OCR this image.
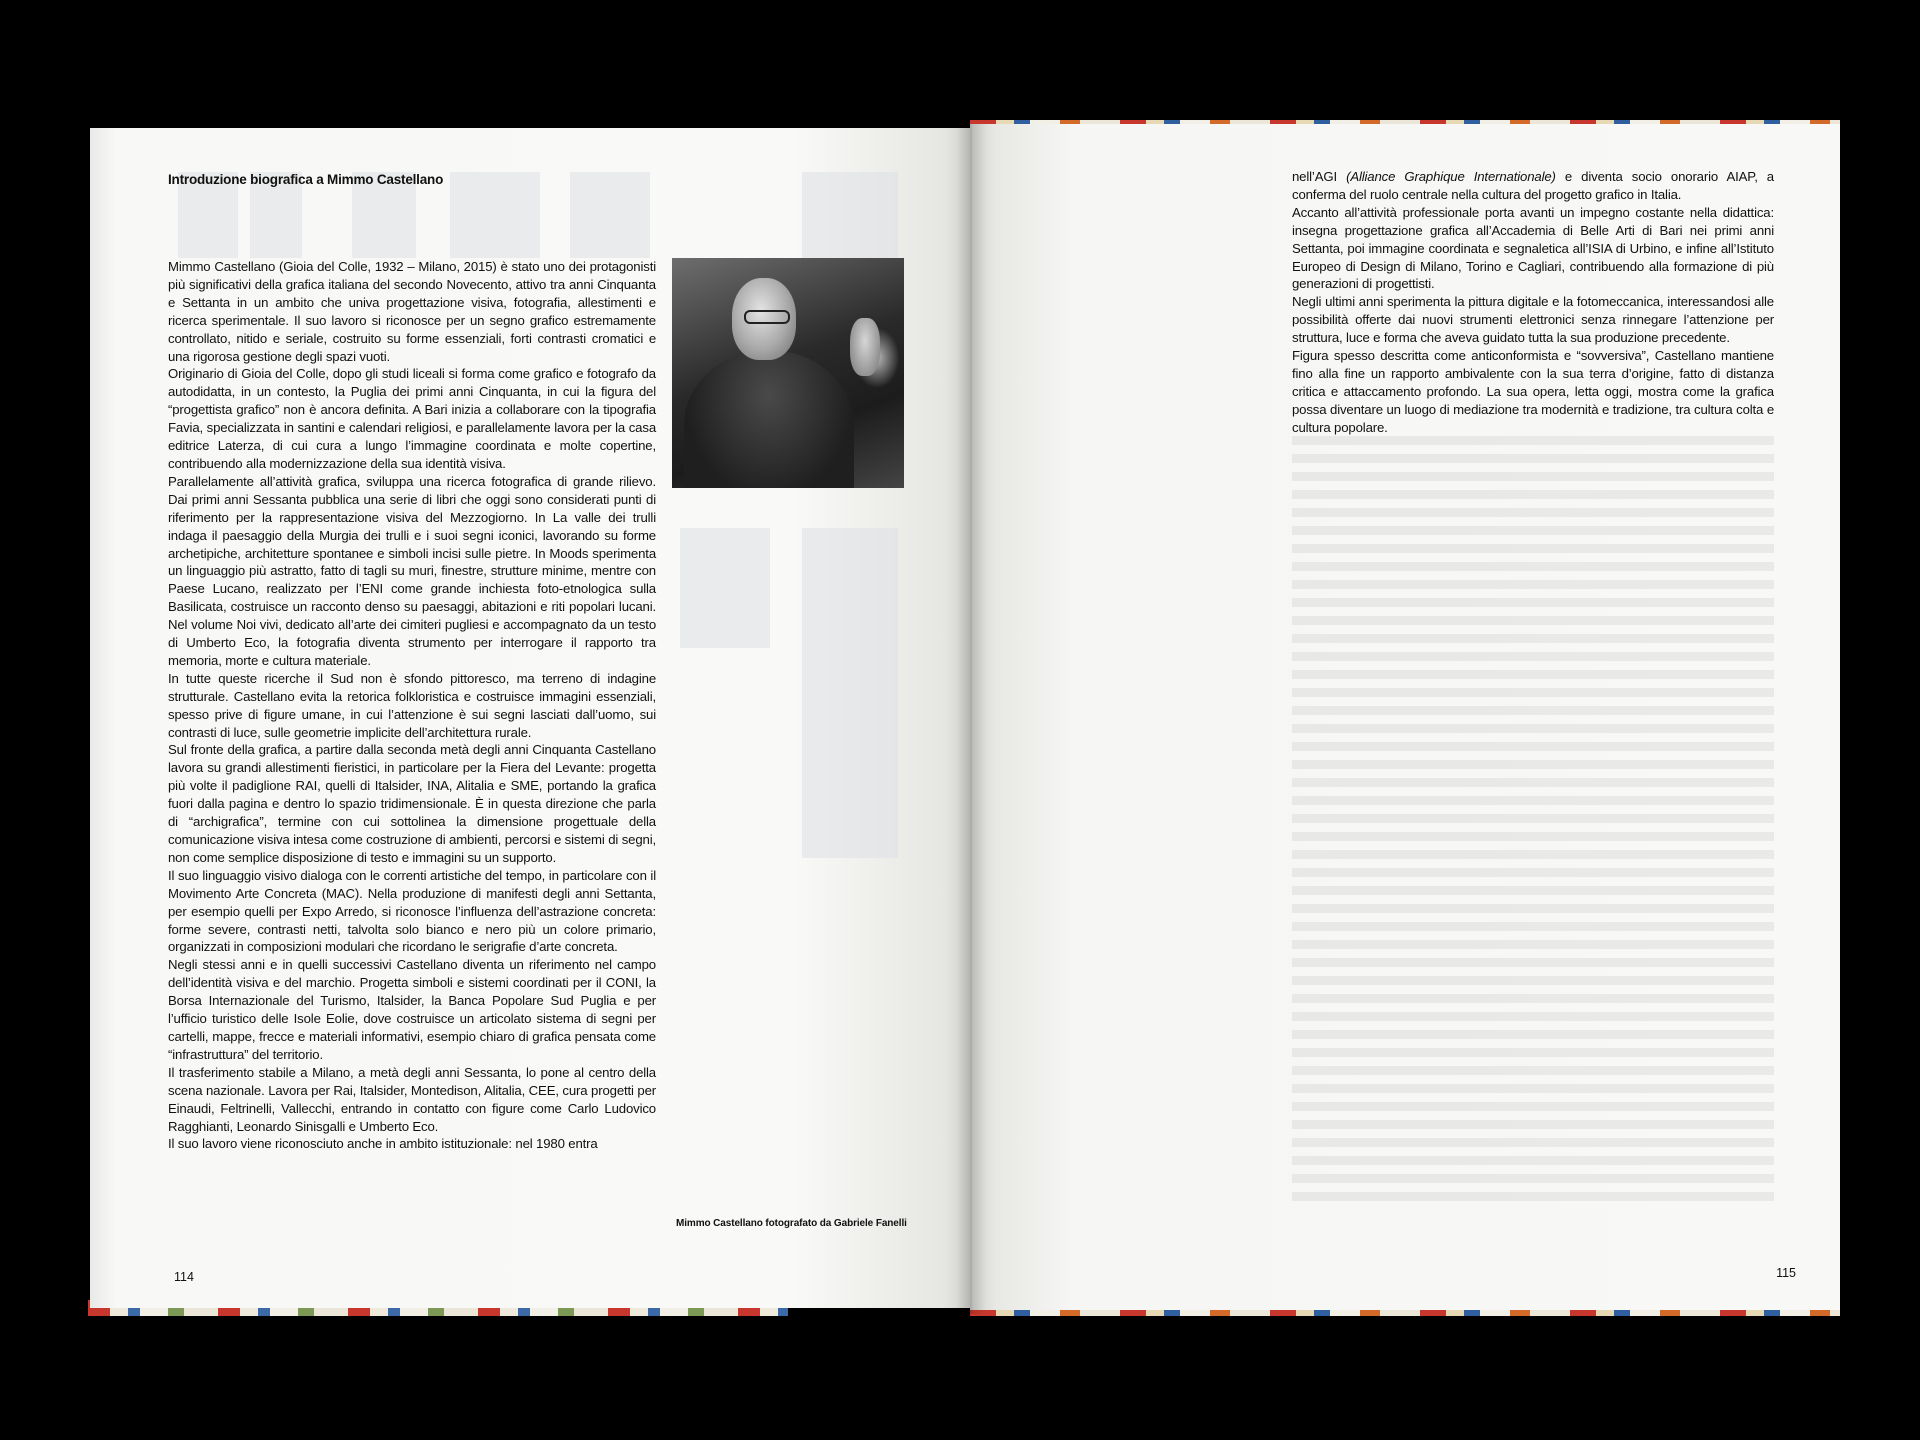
Introduzione biografica a Mimmo Castellano

Mimmo Castellano (Gioia del Colle, 1932 – Milano, 2015) è stato uno dei protagonisti più significativi della grafica italiana del secondo Novecento, attivo tra anni Cinquanta e Settanta in un ambito che univa progettazione visiva, fotografia, allestimenti e ricerca sperimentale. Il suo lavoro si riconosce per un segno grafico estremamente controllato, nitido e seriale, costruito su forme essenziali, forti contrasti cromatici e una rigorosa gestione degli spazi vuoti.

Originario di Gioia del Colle, dopo gli studi liceali si forma come grafico e fotografo da autodidatta, in un contesto, la Puglia dei primi anni Cinquanta, in cui la figura del “progettista grafico” non è ancora definita. A Bari inizia a collaborare con la tipografia Favia, specializzata in santini e calendari religiosi, e parallelamente lavora per la casa editrice Laterza, di cui cura a lungo l’immagine coordinata e molte copertine, contribuendo alla modernizzazione della sua identità visiva.

Parallelamente all’attività grafica, sviluppa una ricerca fotografica di grande rilievo. Dai primi anni Sessanta pubblica una serie di libri che oggi sono considerati punti di riferimento per la rappresentazione visiva del Mezzogiorno. In La valle dei trulli indaga il paesaggio della Murgia dei trulli e i suoi segni iconici, lavorando su forme archetipiche, architetture spontanee e simboli incisi sulle pietre. In Moods sperimenta un linguaggio più astratto, fatto di tagli su muri, finestre, strutture minime, mentre con Paese Lucano, realizzato per l’ENI come grande inchiesta foto-etnologica sulla Basilicata, costruisce un racconto denso su paesaggi, abitazioni e riti popolari lucani. Nel volume Noi vivi, dedicato all’arte dei cimiteri pugliesi e accompagnato da un testo di Umberto Eco, la fotografia diventa strumento per interrogare il rapporto tra memoria, morte e cultura materiale.

In tutte queste ricerche il Sud non è sfondo pittoresco, ma terreno di indagine strutturale. Castellano evita la retorica folkloristica e costruisce immagini essenziali, spesso prive di figure umane, in cui l’attenzione è sui segni lasciati dall’uomo, sui contrasti di luce, sulle geometrie implicite dell’architettura rurale.

Sul fronte della grafica, a partire dalla seconda metà degli anni Cinquanta Castellano lavora su grandi allestimenti fieristici, in particolare per la Fiera del Levante: progetta più volte il padiglione RAI, quelli di Italsider, INA, Alitalia e SME, portando la grafica fuori dalla pagina e dentro lo spazio tridimensionale. È in questa direzione che parla di “archigrafica”, termine con cui sottolinea la dimensione progettuale della comunicazione visiva intesa come costruzione di ambienti, percorsi e sistemi di segni, non come semplice disposizione di testo e immagini su un supporto.

Il suo linguaggio visivo dialoga con le correnti artistiche del tempo, in particolare con il Movimento Arte Concreta (MAC). Nella produzione di manifesti degli anni Settanta, per esempio quelli per Expo Arredo, si riconosce l’influenza dell’astrazione concreta: forme severe, contrasti netti, talvolta solo bianco e nero più un colore primario, organizzati in composizioni modulari che ricordano le serigrafie d’arte concreta.

Negli stessi anni e in quelli successivi Castellano diventa un riferimento nel campo dell’identità visiva e del marchio. Progetta simboli e sistemi coordinati per il CONI, la Borsa Internazionale del Turismo, Italsider, la Banca Popolare Sud Puglia e per l’ufficio turistico delle Isole Eolie, dove costruisce un articolato sistema di segni per cartelli, mappe, frecce e materiali informativi, esempio chiaro di grafica pensata come “infrastruttura” del territorio.

Il trasferimento stabile a Milano, a metà degli anni Sessanta, lo pone al centro della scena nazionale. Lavora per Rai, Italsider, Montedison, Alitalia, CEE, cura progetti per Einaudi, Feltrinelli, Vallecchi, entrando in contatto con figure come Carlo Ludovico Ragghianti, Leonardo Sinisgalli e Umberto Eco.

Il suo lavoro viene riconosciuto anche in ambito istituzionale: nel 1980 entra

Mimmo Castellano fotografato da Gabriele Fanelli
114

nell’AGI (Alliance Graphique Internationale) e diventa socio onorario AIAP, a conferma del ruolo centrale nella cultura del progetto grafico in Italia.

Accanto all’attività professionale porta avanti un impegno costante nella didattica: insegna progettazione grafica all’Accademia di Belle Arti di Bari nei primi anni Settanta, poi immagine coordinata e segnaletica all’ISIA di Urbino, e infine all’Istituto Europeo di Design di Milano, Torino e Cagliari, contribuendo alla formazione di più generazioni di progettisti.

Negli ultimi anni sperimenta la pittura digitale e la fotomeccanica, interessandosi alle possibilità offerte dai nuovi strumenti elettronici senza rinnegare l’attenzione per struttura, luce e forma che aveva guidato tutta la sua produzione precedente.

Figura spesso descritta come anticonformista e “sovversiva”, Castellano mantiene fino alla fine un rapporto ambivalente con la sua terra d’origine, fatto di distanza critica e attaccamento profondo. La sua opera, letta oggi, mostra come la grafica possa diventare un luogo di mediazione tra modernità e tradizione, tra cultura colta e cultura popolare.

115
